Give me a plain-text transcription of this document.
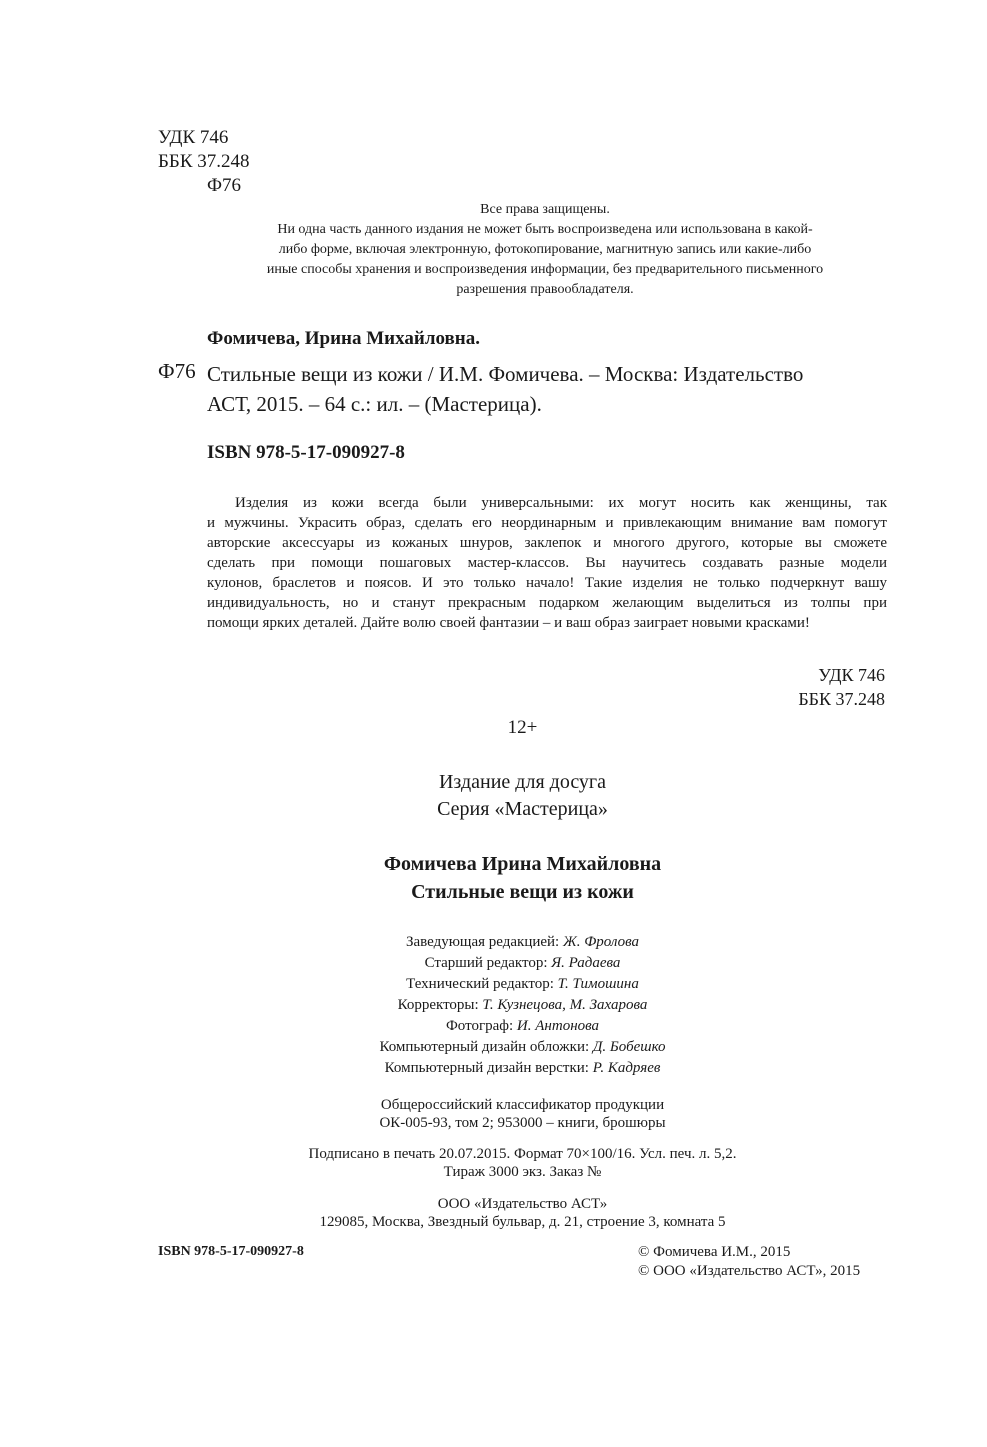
УДК 746
ББК 37.248
Ф76
Все права защищены.
Ни одна часть данного издания не может быть воспроизведена или использована в какой-
либо форме, включая электронную, фотокопирование, магнитную запись или какие-либо
иные способы хранения и воспроизведения информации, без предварительного письменного
разрешения правообладателя.
Фомичева, Ирина Михайловна.
Ф76 Стильные вещи из кожи / И.М. Фомичева. – Москва: Издательство
АСТ, 2015. – 64 с.: ил. – (Мастерица).
ISBN 978-5-17-090927-8
Изделия из кожи всегда были универсальными: их могут носить как женщины, так
и мужчины. Украсить образ, сделать его неординарным и привлекающим внимание вам помогут
авторские аксессуары из кожаных шнуров, заклепок и многого другого, которые вы сможете
сделать при помощи пошаговых мастер-классов. Вы научитесь создавать разные модели
кулонов, браслетов и поясов. И это только начало! Такие изделия не только подчеркнут вашу
индивидуальность, но и станут прекрасным подарком желающим выделиться из толпы при
помощи ярких деталей. Дайте волю своей фантазии – и ваш образ заиграет новыми красками!
УДК 746
ББК 37.248
12+
Издание для досуга
Серия «Мастерица»
Фомичева Ирина Михайловна
Стильные вещи из кожи
Заведующая редакцией: Ж. Фролова
Старший редактор: Я. Радаева
Технический редактор: Т. Тимошина
Корректоры: Т. Кузнецова, М. Захарова
Фотограф: И. Антонова
Компьютерный дизайн обложки: Д. Бобешко
Компьютерный дизайн верстки: Р. Кадряев
Общероссийский классификатор продукции
ОК-005-93, том 2; 953000 – книги, брошюры
Подписано в печать 20.07.2015. Формат 70×100/16. Усл. печ. л. 5,2.
Тираж 3000 экз. Заказ №
ООО «Издательство АСТ»
129085, Москва, Звездный бульвар, д. 21, строение 3, комната 5
ISBN 978-5-17-090927-8	© Фомичева И.М., 2015
© ООО «Издательство АСТ», 2015
